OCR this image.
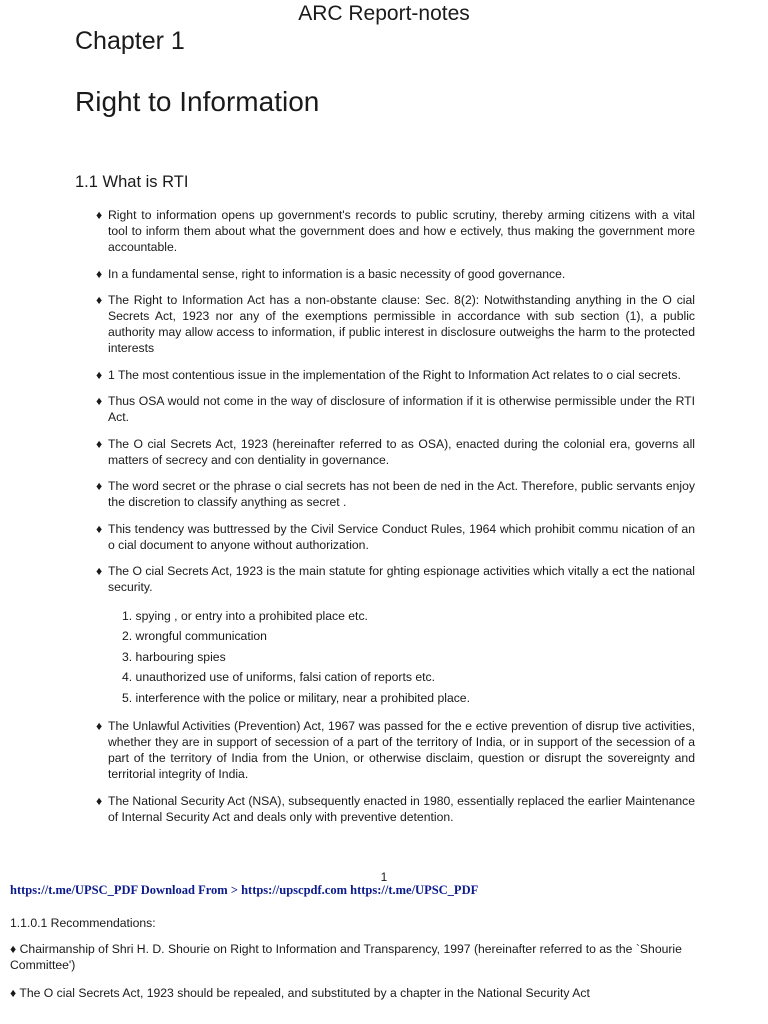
ARC Report-notes
Chapter 1
Right to Information
1.1 What is RTI

♦ Right to information opens up government's records to public scrutiny, thereby arming citizens with a vital tool to inform them about what the government does and how e ectively, thus making the government more accountable.

♦ In a fundamental sense, right to information is a basic necessity of good governance.

♦ The Right to Information Act has a non-obstante clause: Sec. 8(2): Notwithstanding anything in the O cial Secrets Act, 1923 nor any of the exemptions permissible in accordance with sub section (1), a public authority may allow access to information, if public interest in disclosure outweighs the harm to the protected interests

♦ 1 The most contentious issue in the implementation of the Right to Information Act relates to o cial secrets.

♦ Thus OSA would not come in the way of disclosure of information if it is otherwise permissible under the RTI Act.

♦ The O cial Secrets Act, 1923 (hereinafter referred to as OSA), enacted during the colonial era, governs all matters of secrecy and con dentiality in governance.

♦ The word secret or the phrase o cial secrets has not been de ned in the Act. Therefore, public servants enjoy the discretion to classify anything as secret .

♦ This tendency was buttressed by the Civil Service Conduct Rules, 1964 which prohibit commu nication of an o cial document to anyone without authorization.

♦ The O cial Secrets Act, 1923 is the main statute for ghting espionage activities which vitally a ect the national security.

1. spying , or entry into a prohibited place etc.
2. wrongful communication
3. harbouring spies
4. unauthorized use of uniforms, falsi cation of reports etc.
5. interference with the police or military, near a prohibited place.

♦ The Unlawful Activities (Prevention) Act, 1967 was passed for the e ective prevention of disrup tive activities, whether they are in support of secession of a part of the territory of India, or in support of the secession of a part of the territory of India from the Union, or otherwise disclaim, question or disrupt the sovereignty and territorial integrity of India.

♦ The National Security Act (NSA), subsequently enacted in 1980, essentially replaced the earlier Maintenance of Internal Security Act and deals only with preventive detention.

1
https://t.me/UPSC_PDF Download From > https://upscpdf.com https://t.me/UPSC_PDF
1.1.0.1 Recommendations:
♦ Chairmanship of Shri H. D. Shourie on Right to Information and Transparency, 1997 (hereinafter referred to as the `Shourie Committee')
♦ The O cial Secrets Act, 1923 should be repealed, and substituted by a chapter in the National Security Act
